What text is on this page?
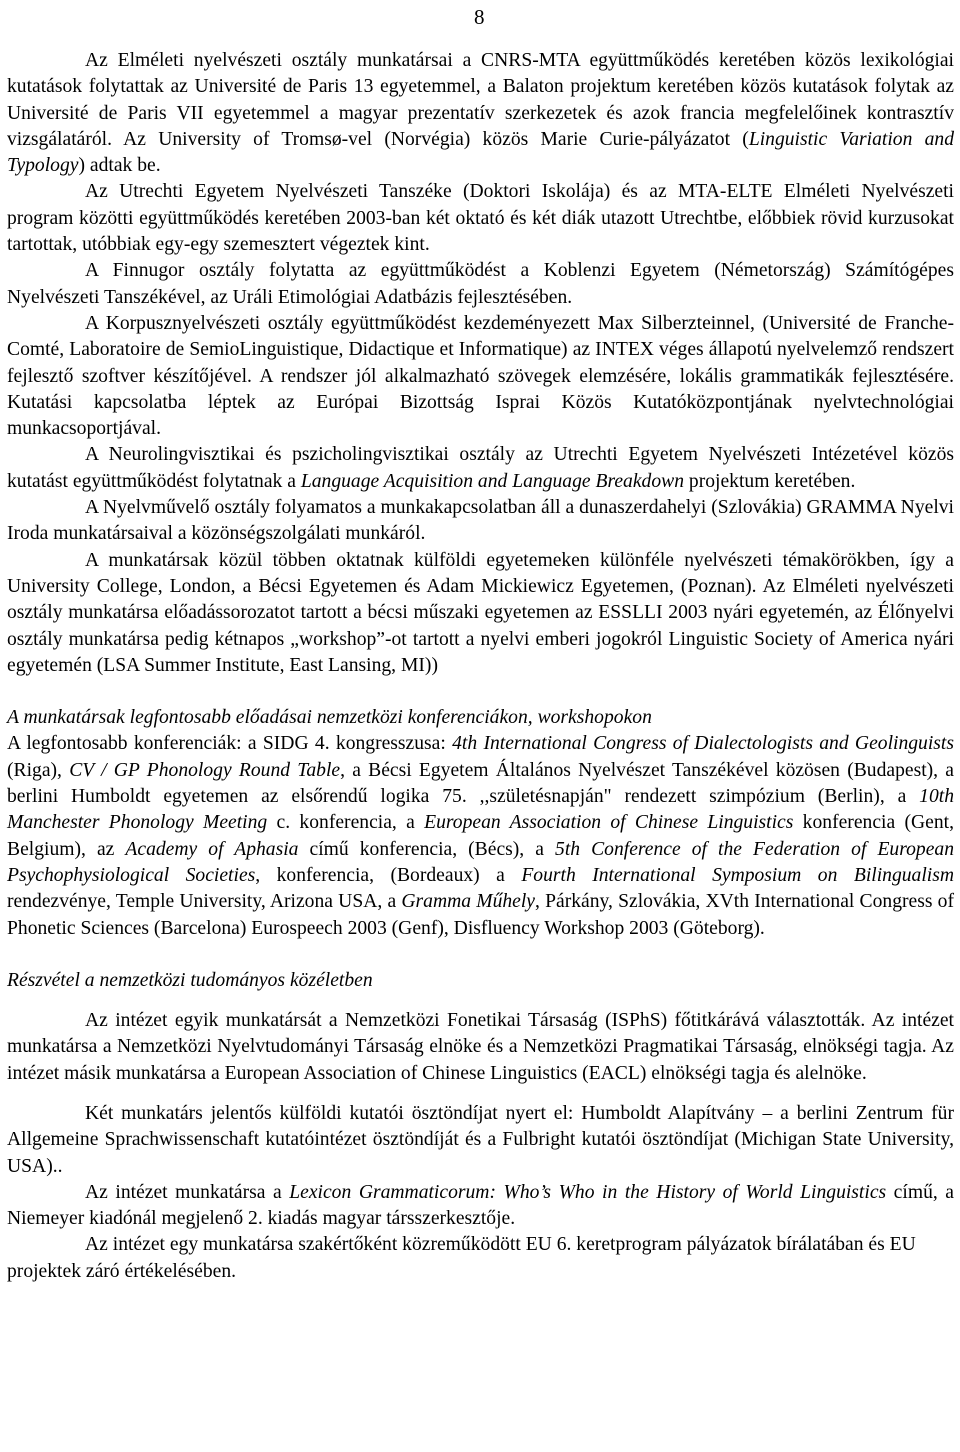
8

Az Elméleti nyelvészeti osztály munkatársai a CNRS-MTA együttműködés keretében közös lexikológiai kutatások folytattak az Université de Paris 13 egyetemmel, a Balaton projektum keretében közös kutatások folytak az Université de Paris VII egyetemmel a magyar prezentatív szerkezetek és azok francia megfelelőinek kontrasztív vizsgálatáról. Az University of Tromsø-vel (Norvégia) közös Marie Curie-pályázatot (Linguistic Variation and Typology) adtak be.

Az Utrechti Egyetem Nyelvészeti Tanszéke (Doktori Iskolája) és az MTA-ELTE Elméleti Nyelvészeti program közötti együttműködés keretében 2003-ban két oktató és két diák utazott Utrechtbe, előbbiek rövid kurzusokat tartottak, utóbbiak egy-egy szemesztert végeztek kint.

A Finnugor osztály folytatta az együttműködést a Koblenzi Egyetem (Németország) Számítógépes Nyelvészeti Tanszékével, az Uráli Etimológiai Adatbázis fejlesztésében.

A Korpusznyelvészeti osztály együttműködést kezdeményezett Max Silberzteinnel, (Université de Franche-Comté, Laboratoire de SemioLinguistique, Didactique et Informatique) az INTEX véges állapotú nyelvelemző rendszert fejlesztő szoftver készítőjével. A rendszer jól alkalmazható szövegek elemzésére, lokális grammatikák fejlesztésére. Kutatási kapcsolatba léptek az Európai Bizottság Isprai Közös Kutatóközpontjának nyelvtechnológiai munkacsoportjával.

A Neurolingvisztikai és pszicholingvisztikai osztály az Utrechti Egyetem Nyelvészeti Intézetével közös kutatást együttműködést folytatnak a Language Acquisition and Language Breakdown projektum keretében.

A Nyelvművelő osztály folyamatos a munkakapcsolatban áll a dunaszerdahelyi (Szlovákia) GRAMMA Nyelvi Iroda munkatársaival a közönségszolgálati munkáról.

A munkatársak közül többen oktatnak külföldi egyetemeken különféle nyelvészeti témakörökben, így a University College, London, a Bécsi Egyetemen és Adam Mickiewicz Egyetemen, (Poznan). Az Elméleti nyelvészeti osztály munkatársa előadássorozatot tartott a bécsi műszaki egyetemen az ESSLLI 2003 nyári egyetemén, az Élőnyelvi osztály munkatársa pedig kétnapos „workshop”-ot tartott a nyelvi emberi jogokról Linguistic Society of America nyári egyetemén (LSA Summer Institute, East Lansing, MI))

A munkatársak legfontosabb előadásai nemzetközi konferenciákon, workshopokon

A legfontosabb konferenciák: a SIDG 4. kongresszusa: 4th International Congress of Dialectologists and Geolinguists (Riga), CV / GP Phonology Round Table, a Bécsi Egyetem Általános Nyelvészet Tanszékével közösen (Budapest), a berlini Humboldt egyetemen az elsőrendű logika 75. ,,születésnapján" rendezett szimpózium (Berlin), a 10th Manchester Phonology Meeting c. konferencia, a European Association of Chinese Linguistics konferencia (Gent, Belgium), az Academy of Aphasia című konferencia, (Bécs), a 5th Conference of the Federation of European Psychophysiological Societies, konferencia, (Bordeaux) a Fourth International Symposium on Bilingualism rendezvénye, Temple University, Arizona USA, a Gramma Műhely, Párkány, Szlovákia, XVth International Congress of Phonetic Sciences (Barcelona) Eurospeech 2003 (Genf), Disfluency Workshop 2003 (Göteborg).

Részvétel a nemzetközi tudományos közéletben

Az intézet egyik munkatársát a Nemzetközi Fonetikai Társaság (ISPhS) főtitkárává választották. Az intézet munkatársa a Nemzetközi Nyelvtudományi Társaság elnöke és a Nemzetközi Pragmatikai Társaság, elnökségi tagja. Az intézet másik munkatársa a European Association of Chinese Linguistics (EACL) elnökségi tagja és alelnöke.

Két munkatárs jelentős külföldi kutatói ösztöndíjat nyert el: Humboldt Alapítvány – a berlini Zentrum für Allgemeine Sprachwissenschaft kutatóintézet ösztöndíját és a Fulbright kutatói ösztöndíjat (Michigan State University, USA)..

Az intézet munkatársa a Lexicon Grammaticorum: Who’s Who in the History of World Linguistics című, a Niemeyer kiadónál megjelenő 2. kiadás magyar társszerkesztője.

Az intézet egy munkatársa szakértőként közreműködött EU 6. keretprogram pályázatok bírálatában és EU projektek záró értékelésében.
